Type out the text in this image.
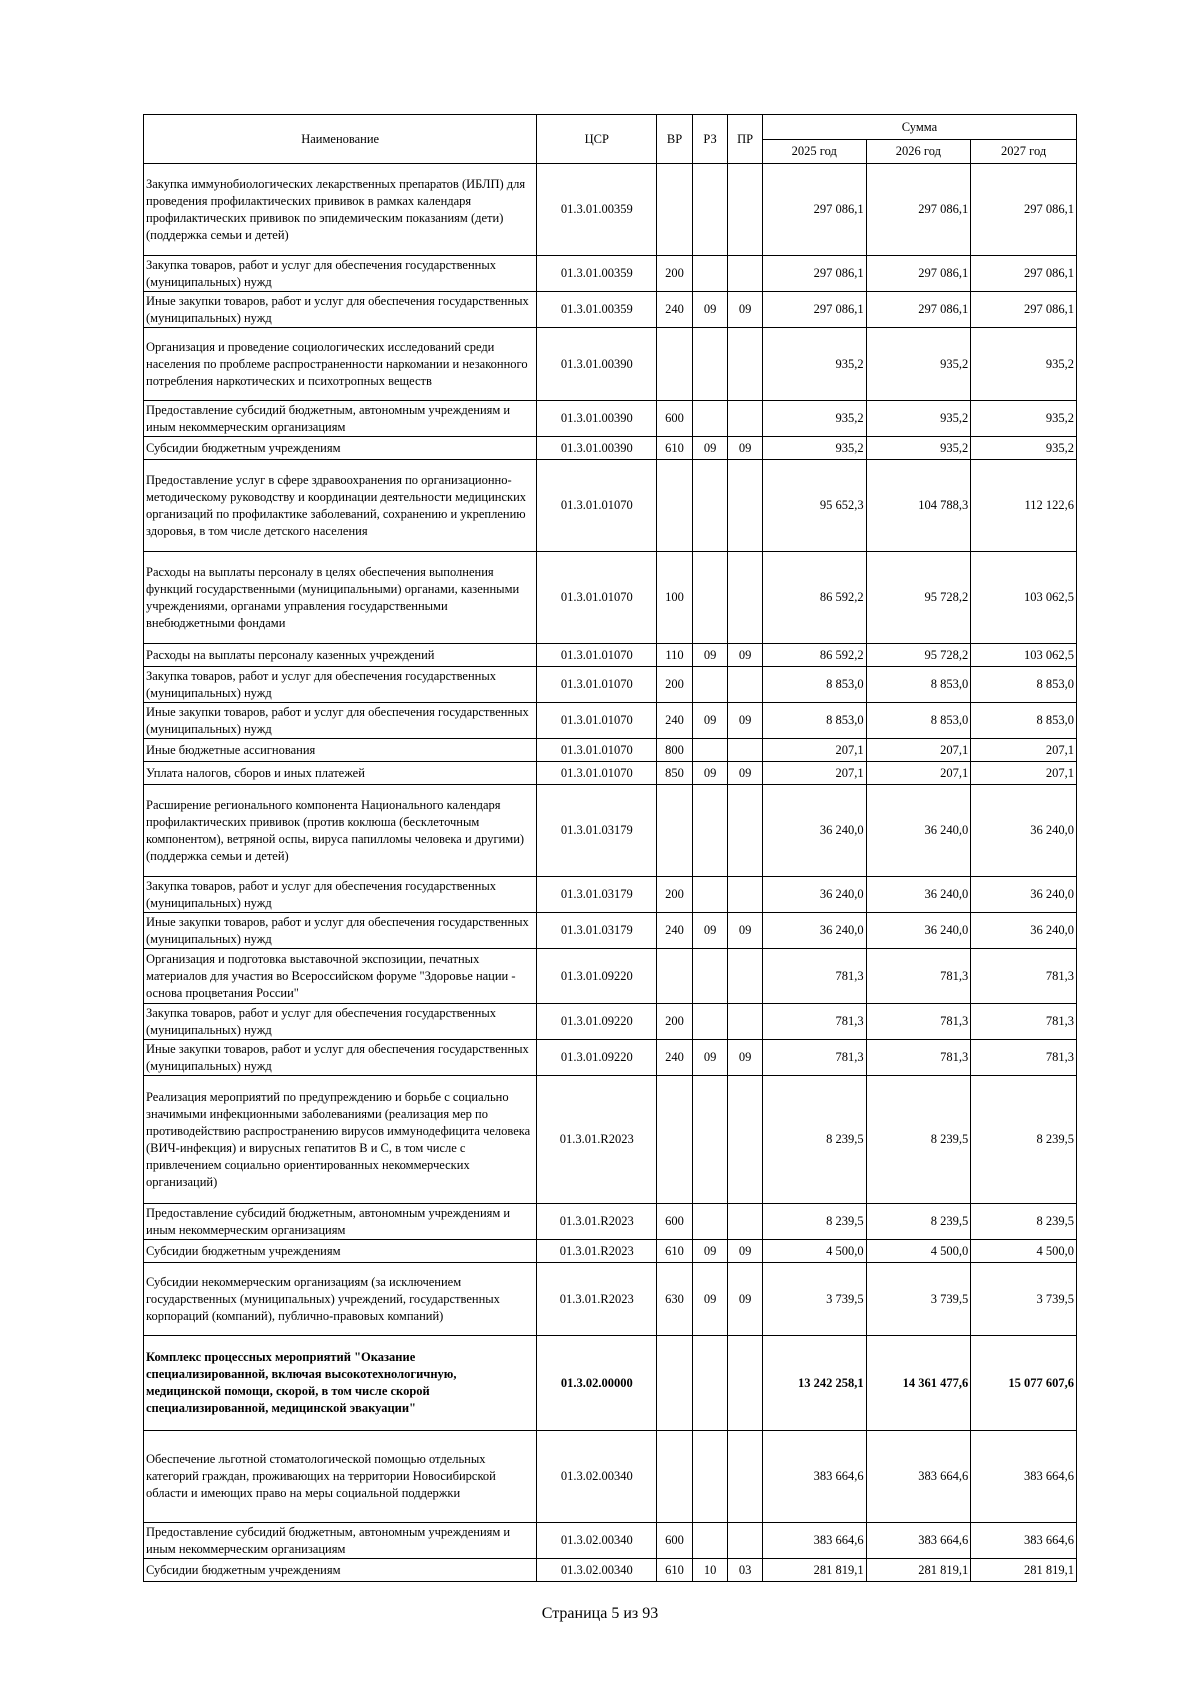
Наименование	ЦСР	ВР	РЗ	ПР	Сумма		
					2025 год	2026 год	2027 год
Закупка иммунобиологических лекарственных препаратов (ИБЛП) для проведения профилактических прививок в рамках календаря профилактических прививок по эпидемическим показаниям (дети) (поддержка семьи и детей)	01.3.01.00359				297 086,1	297 086,1	297 086,1
Закупка товаров, работ и услуг для обеспечения государственных (муниципальных) нужд	01.3.01.00359	200			297 086,1	297 086,1	297 086,1
Иные закупки товаров, работ и услуг для обеспечения государственных (муниципальных) нужд	01.3.01.00359	240	09	09	297 086,1	297 086,1	297 086,1
Организация и проведение социологических исследований среди населения по проблеме распространенности наркомании и незаконного потребления наркотических и психотропных веществ	01.3.01.00390				935,2	935,2	935,2
Предоставление субсидий бюджетным, автономным учреждениям и иным некоммерческим организациям	01.3.01.00390	600			935,2	935,2	935,2
Субсидии бюджетным учреждениям	01.3.01.00390	610	09	09	935,2	935,2	935,2
Предоставление услуг в сфере здравоохранения по организационно-методическому руководству и координации деятельности медицинских организаций по профилактике заболеваний, сохранению и укреплению здоровья, в том числе детского населения	01.3.01.01070				95 652,3	104 788,3	112 122,6
Расходы на выплаты персоналу в целях обеспечения выполнения функций государственными (муниципальными) органами, казенными учреждениями, органами управления государственными внебюджетными фондами	01.3.01.01070	100			86 592,2	95 728,2	103 062,5
Расходы на выплаты персоналу казенных учреждений	01.3.01.01070	110	09	09	86 592,2	95 728,2	103 062,5
Закупка товаров, работ и услуг для обеспечения государственных (муниципальных) нужд	01.3.01.01070	200			8 853,0	8 853,0	8 853,0
Иные закупки товаров, работ и услуг для обеспечения государственных (муниципальных) нужд	01.3.01.01070	240	09	09	8 853,0	8 853,0	8 853,0
Иные бюджетные ассигнования	01.3.01.01070	800			207,1	207,1	207,1
Уплата налогов, сборов и иных платежей	01.3.01.01070	850	09	09	207,1	207,1	207,1
Расширение регионального компонента Национального календаря профилактических прививок (против коклюша (бесклеточным компонентом), ветряной оспы, вируса папилломы человека и другими) (поддержка семьи и детей)	01.3.01.03179				36 240,0	36 240,0	36 240,0
Закупка товаров, работ и услуг для обеспечения государственных (муниципальных) нужд	01.3.01.03179	200			36 240,0	36 240,0	36 240,0
Иные закупки товаров, работ и услуг для обеспечения государственных (муниципальных) нужд	01.3.01.03179	240	09	09	36 240,0	36 240,0	36 240,0
Организация и подготовка выставочной экспозиции, печатных материалов для участия во Всероссийском форуме "Здоровье нации - основа процветания России"	01.3.01.09220				781,3	781,3	781,3
Закупка товаров, работ и услуг для обеспечения государственных (муниципальных) нужд	01.3.01.09220	200			781,3	781,3	781,3
Иные закупки товаров, работ и услуг для обеспечения государственных (муниципальных) нужд	01.3.01.09220	240	09	09	781,3	781,3	781,3
Реализация мероприятий по предупреждению и борьбе с социально значимыми инфекционными заболеваниями (реализация мер по противодействию распространению вирусов иммунодефицита человека (ВИЧ-инфекция) и вирусных гепатитов В и С, в том числе с привлечением социально ориентированных некоммерческих организаций)	01.3.01.R2023				8 239,5	8 239,5	8 239,5
Предоставление субсидий бюджетным, автономным учреждениям и иным некоммерческим организациям	01.3.01.R2023	600			8 239,5	8 239,5	8 239,5
Субсидии бюджетным учреждениям	01.3.01.R2023	610	09	09	4 500,0	4 500,0	4 500,0
Субсидии некоммерческим организациям (за исключением государственных (муниципальных) учреждений, государственных корпораций (компаний), публично-правовых компаний)	01.3.01.R2023	630	09	09	3 739,5	3 739,5	3 739,5
Комплекс процессных мероприятий "Оказание специализированной, включая высокотехнологичную, медицинской помощи, скорой, в том числе скорой специализированной, медицинской эвакуации"	01.3.02.00000				13 242 258,1	14 361 477,6	15 077 607,6
Обеспечение льготной стоматологической помощью отдельных категорий граждан, проживающих на территории Новосибирской области и имеющих право на меры социальной поддержки	01.3.02.00340				383 664,6	383 664,6	383 664,6
Предоставление субсидий бюджетным, автономным учреждениям и иным некоммерческим организациям	01.3.02.00340	600			383 664,6	383 664,6	383 664,6
Субсидии бюджетным учреждениям	01.3.02.00340	610	10	03	281 819,1	281 819,1	281 819,1
Страница 5 из 93
